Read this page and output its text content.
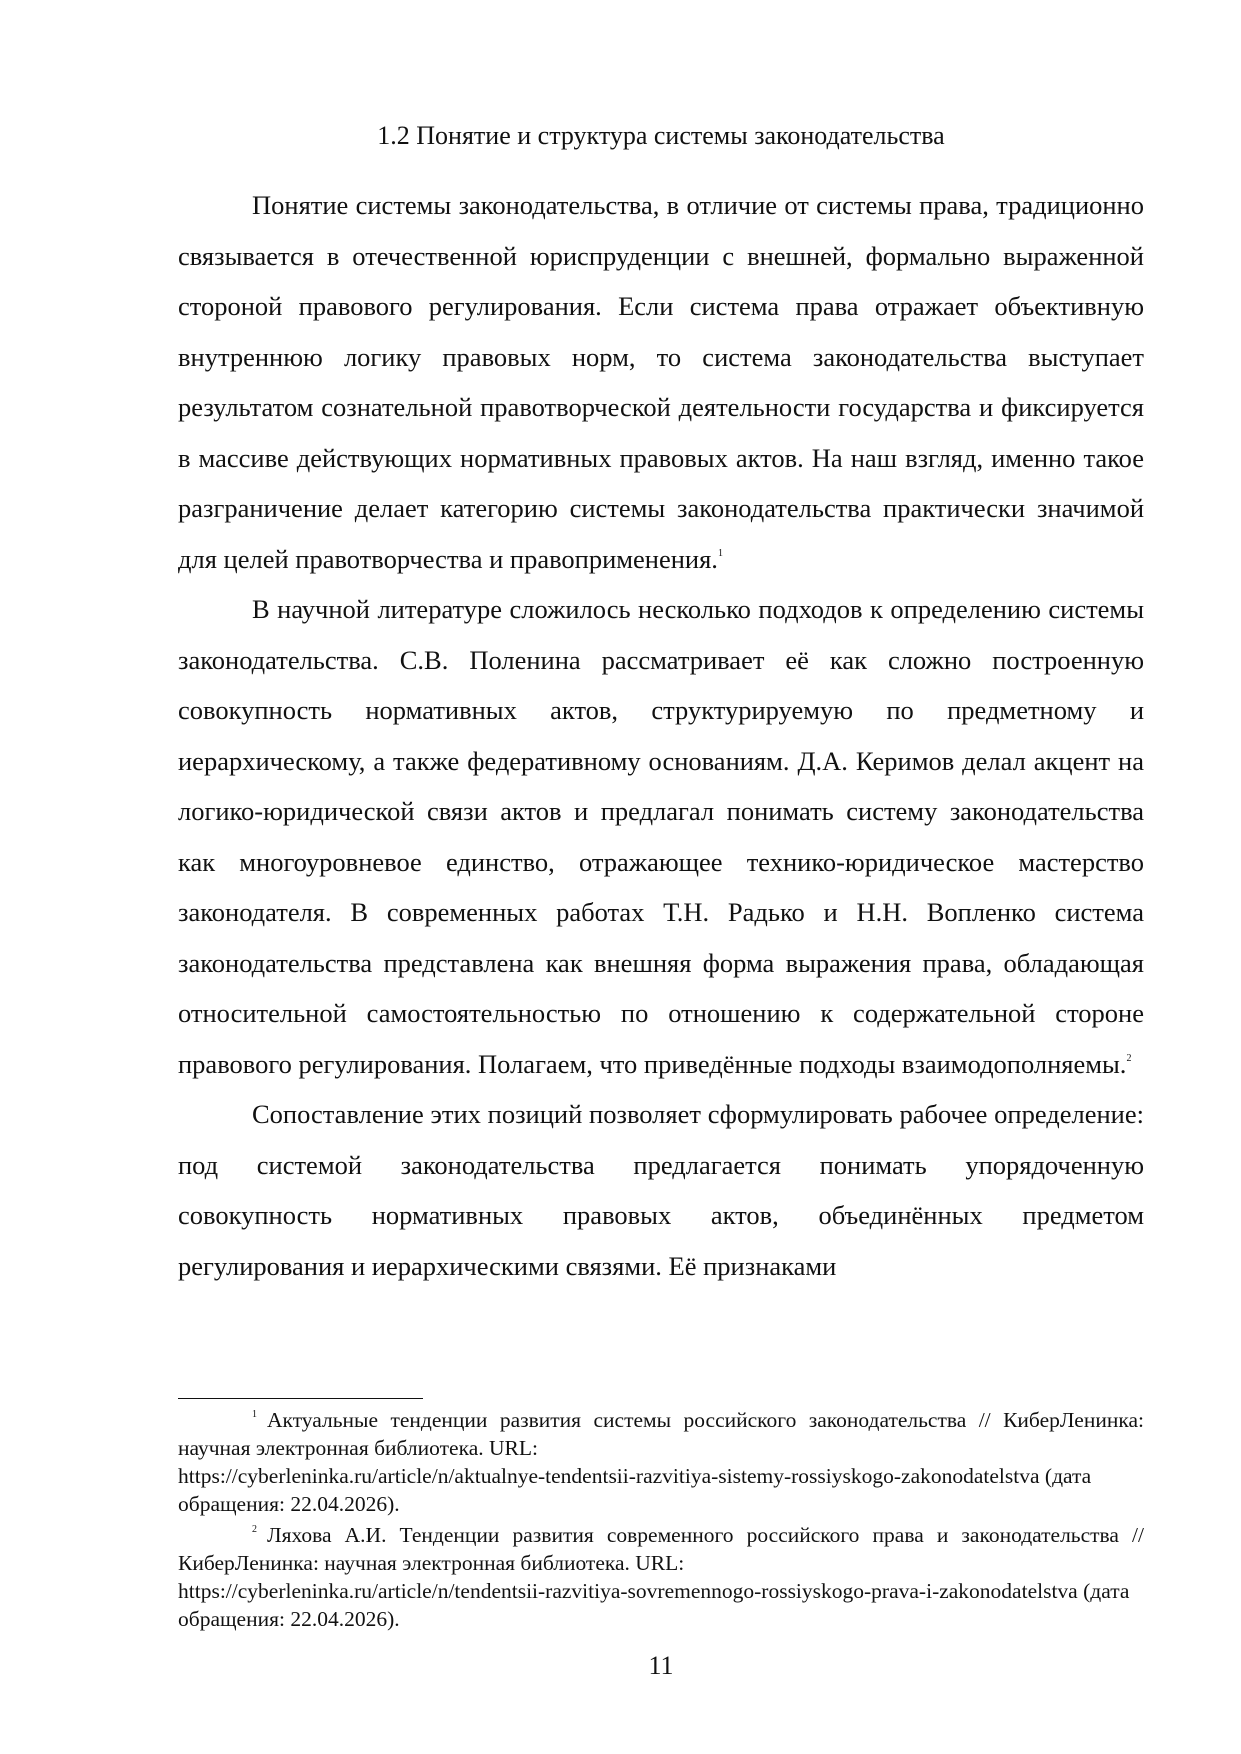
1.2 Понятие и структура системы законодательства

Понятие системы законодательства, в отличие от системы права, традиционно связывается в отечественной юриспруденции с внешней, формально выраженной стороной правового регулирования. Если система права отражает объективную внутреннюю логику правовых норм, то система законодательства выступает результатом сознательной правотворческой деятельности государства и фиксируется в массиве действующих нормативных правовых актов. На наш взгляд, именно такое разграничение делает категорию системы законодательства практически значимой для целей правотворчества и правоприменения.$^1$

В научной литературе сложилось несколько подходов к определению системы законодательства. С.В. Поленина рассматривает её как сложно построенную совокупность нормативных актов, структурируемую по предметному и иерархическому, а также федеративному основаниям. Д.А. Керимов делал акцент на логико-юридической связи актов и предлагал понимать систему законодательства как многоуровневое единство, отражающее технико-юридическое мастерство законодателя. В современных работах Т.Н. Радько и Н.Н. Вопленко система законодательства представлена как внешняя форма выражения права, обладающая относительной самостоятельностью по отношению к содержательной стороне правового регулирования. Полагаем, что приведённые подходы взаимодополняемы.$^2$

Сопоставление этих позиций позволяет сформулировать рабочее определение: под системой законодательства предлагается понимать упорядоченную совокупность нормативных правовых актов, объединённых предметом регулирования и иерархическими связями. Её признаками

$^1$ Актуальные тенденции развития системы российского законодательства // КиберЛенинка: научная электронная библиотека. URL:

https://cyberleninka.ru/article/n/aktualnye-tendentsii-razvitiya-sistemy-rossiyskogo-zakonodatelstva (дата обращения: 22.04.2026).

$^2$ Ляхова А.И. Тенденции развития современного российского права и законодательства // КиберЛенинка: научная электронная библиотека. URL:

https://cyberleninka.ru/article/n/tendentsii-razvitiya-sovremennogo-rossiyskogo-prava-i-zakonodatelstva (дата обращения: 22.04.2026).
11
